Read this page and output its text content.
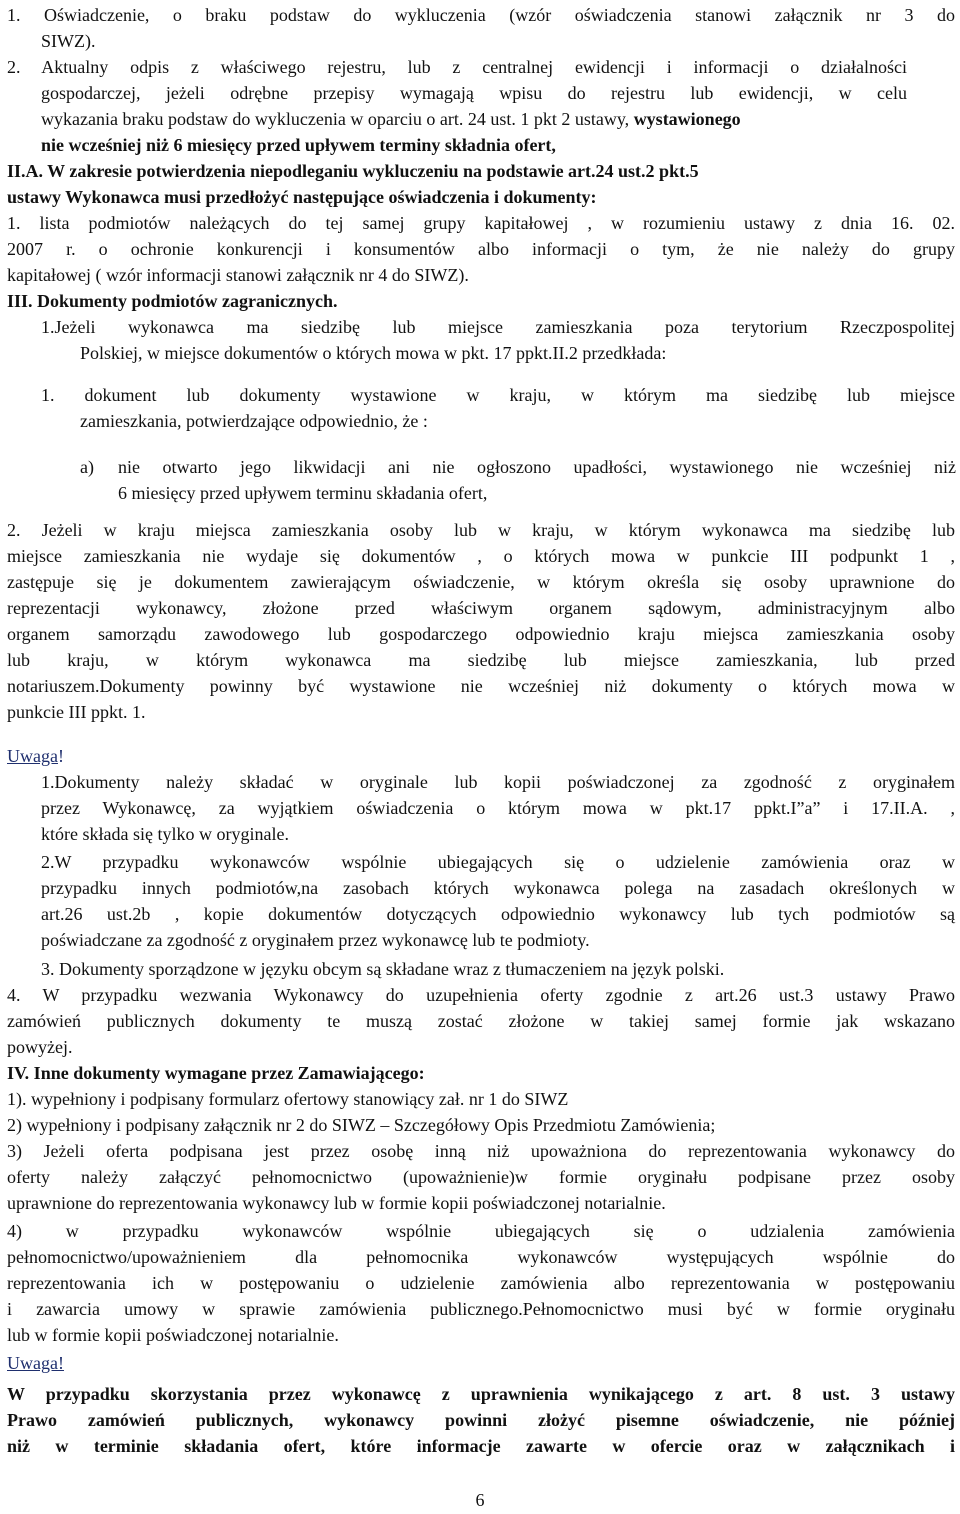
1. Oświadczenie, o braku podstaw do wykluczenia (wzór oświadczenia stanowi załącznik nr 3 do
SIWZ).
2. Aktualny odpis z właściwego rejestru, lub z centralnej ewidencji i informacji o działalności
gospodarczej, jeżeli odrębne przepisy wymagają wpisu do rejestru lub ewidencji, w celu
wykazania braku podstaw do wykluczenia w oparciu o art. 24 ust. 1 pkt 2 ustawy, wystawionego
nie wcześniej niż 6 miesięcy przed upływem terminy składnia ofert,
II.A. W zakresie potwierdzenia niepodleganiu wykluczeniu na podstawie art.24 ust.2 pkt.5
ustawy Wykonawca musi przedłożyć następujące oświadczenia i dokumenty:
1. lista podmiotów należących do tej samej grupy kapitałowej , w rozumieniu ustawy z dnia 16. 02.
2007 r. o ochronie konkurencji i konsumentów albo informacji o tym, że nie należy do grupy
kapitałowej ( wzór informacji stanowi załącznik nr 4 do SIWZ).
III. Dokumenty podmiotów zagranicznych.
1.Jeżeli wykonawca ma siedzibę lub miejsce zamieszkania poza terytorium Rzeczpospolitej
Polskiej, w miejsce dokumentów o których mowa w pkt. 17 ppkt.II.2 przedkłada:
1. dokument lub dokumenty wystawione w kraju, w którym ma siedzibę lub miejsce
zamieszkania, potwierdzające odpowiednio, że :
a) nie otwarto jego likwidacji ani nie ogłoszono upadłości, wystawionego nie wcześniej niż
6 miesięcy przed upływem terminu składania ofert,
2. Jeżeli w kraju miejsca zamieszkania osoby lub w kraju, w którym wykonawca ma siedzibę lub
miejsce zamieszkania nie wydaje się dokumentów , o których mowa w punkcie III podpunkt 1 ,
zastępuje się je dokumentem zawierającym oświadczenie, w którym określa się osoby uprawnione do
reprezentacji wykonawcy, złożone przed właściwym organem sądowym, administracyjnym albo
organem samorządu zawodowego lub gospodarczego odpowiednio kraju miejsca zamieszkania osoby
lub kraju, w którym wykonawca ma siedzibę lub miejsce zamieszkania, lub przed
notariuszem.Dokumenty powinny być wystawione nie wcześniej niż dokumenty o których mowa w
punkcie III ppkt. 1.
Uwaga!
1.Dokumenty należy składać w oryginale lub kopii poświadczonej za zgodność z oryginałem
przez Wykonawcę, za wyjątkiem oświadczenia o którym mowa w pkt.17 ppkt.I”a” i 17.II.A. ,
które składa się tylko w oryginale.
2.W przypadku wykonawców wspólnie ubiegających się o udzielenie zamówienia oraz w
przypadku innych podmiotów,na zasobach których wykonawca polega na zasadach określonych w
art.26 ust.2b , kopie dokumentów dotyczących odpowiednio wykonawcy lub tych podmiotów są
poświadczane za zgodność z oryginałem przez wykonawcę lub te podmioty.
3. Dokumenty sporządzone w języku obcym są składane wraz z tłumaczeniem na język polski.
4. W przypadku wezwania Wykonawcy do uzupełnienia oferty zgodnie z art.26 ust.3 ustawy Prawo
zamówień publicznych dokumenty te muszą zostać złożone w takiej samej formie jak wskazano
powyżej.
IV. Inne dokumenty wymagane przez Zamawiającego:
1). wypełniony i podpisany formularz ofertowy stanowiący zał. nr 1 do SIWZ
2) wypełniony i podpisany załącznik nr 2 do SIWZ – Szczegółowy Opis Przedmiotu Zamówienia;
3) Jeżeli oferta podpisana jest przez osobę inną niż upoważniona do reprezentowania wykonawcy do
oferty należy załączyć pełnomocnictwo (upoważnienie)w formie oryginału podpisane przez osoby
uprawnione do reprezentowania wykonawcy lub w formie kopii poświadczonej notarialnie.
4) w przypadku wykonawców wspólnie ubiegających się o udzialenia zamówienia
pełnomocnictwo/upoważnieniem dla pełnomocnika wykonawców występujących wspólnie do
reprezentowania ich w postępowaniu o udzielenie zamówienia albo reprezentowania w postępowaniu
i zawarcia umowy w sprawie zamówienia publicznego.Pełnomocnictwo musi być w formie oryginału
lub w formie kopii poświadczonej notarialnie.
Uwaga!
W przypadku skorzystania przez wykonawcę z uprawnienia wynikającego z art. 8 ust. 3 ustawy
Prawo zamówień publicznych, wykonawcy powinni złożyć pisemne oświadczenie, nie później
niż w terminie składania ofert, które informacje zawarte w ofercie oraz w załącznikach i
6
